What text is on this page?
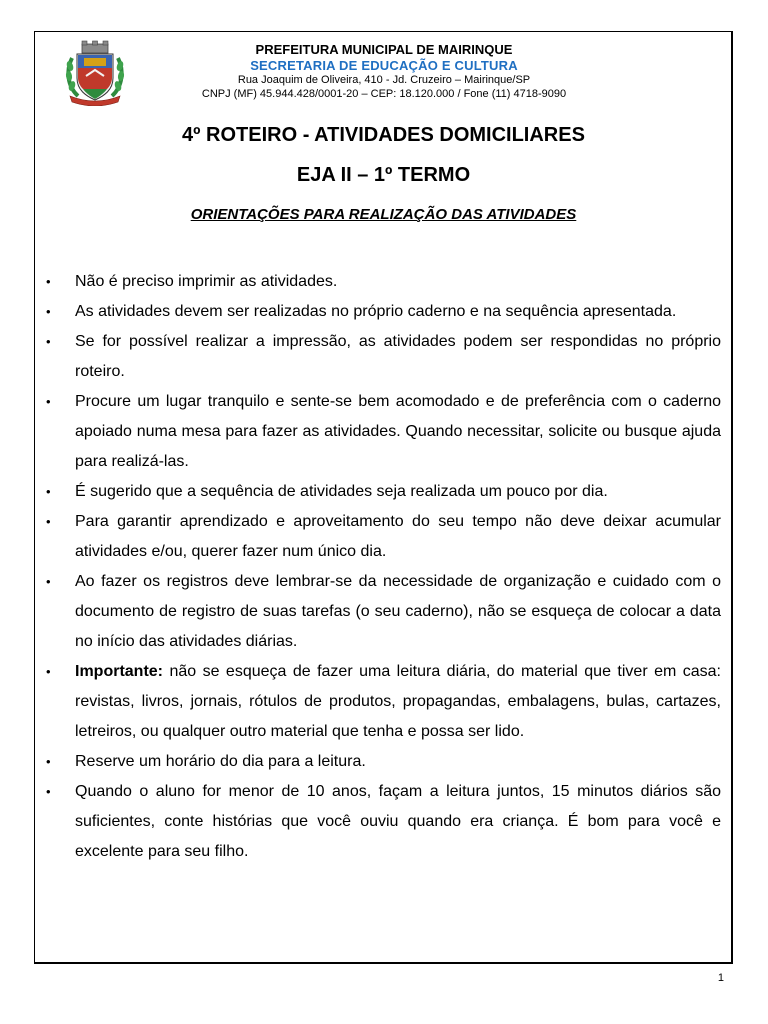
PREFEITURA MUNICIPAL DE MAIRINQUE
SECRETARIA DE EDUCAÇÃO E CULTURA
Rua Joaquim de Oliveira, 410 - Jd. Cruzeiro – Mairinque/SP
CNPJ (MF) 45.944.428/0001-20 – CEP: 18.120.000 / Fone (11) 4718-9090
4º ROTEIRO - ATIVIDADES DOMICILIARES
EJA II – 1º TERMO
ORIENTAÇÕES PARA REALIZAÇÃO DAS ATIVIDADES
• Não é preciso imprimir as atividades.
• As atividades devem ser realizadas no próprio caderno e na sequência apresentada.
• Se for possível realizar a impressão, as atividades podem ser respondidas no próprio roteiro.
• Procure um lugar tranquilo e sente-se bem acomodado e de preferência com o caderno apoiado numa mesa para fazer as atividades. Quando necessitar, solicite ou busque ajuda para realizá-las.
• É sugerido que a sequência de atividades seja realizada um pouco por dia.
• Para garantir aprendizado e aproveitamento do seu tempo não deve deixar acumular atividades e/ou, querer fazer num único dia.
• Ao fazer os registros deve lembrar-se da necessidade de organização e cuidado com o documento de registro de suas tarefas (o seu caderno), não se esqueça de colocar a data no início das atividades diárias.
• Importante: não se esqueça de fazer uma leitura diária, do material que tiver em casa: revistas, livros, jornais, rótulos de produtos, propagandas, embalagens, bulas, cartazes, letreiros, ou qualquer outro material que tenha e possa ser lido.
• Reserve um horário do dia para a leitura.
• Quando o aluno for menor de 10 anos, façam a leitura juntos, 15 minutos diários são suficientes, conte histórias que você ouviu quando era criança. É bom para você e excelente para seu filho.
1
